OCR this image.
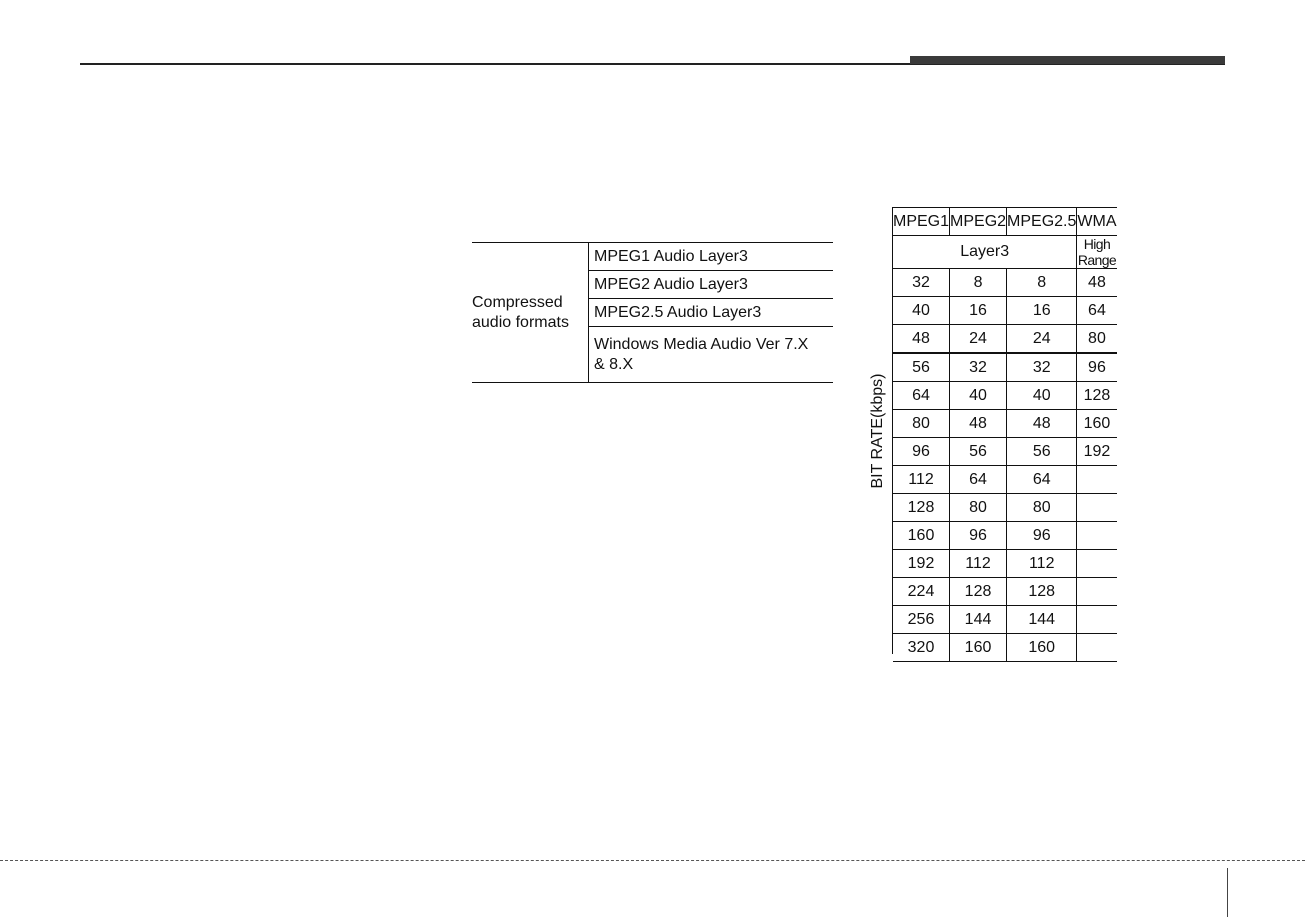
Compressed
audio formats	MPEG1 Audio Layer3
MPEG2 Audio Layer3
MPEG2.5 Audio Layer3
Windows Media Audio Ver 7.X
& 8.X
BIT RATE(kbps)
MPEG1	MPEG2	MPEG2.5	WMA
Layer3			High Range
32	8	8	48
40	16	16	64
48	24	24	80
56	32	32	96
64	40	40	128
80	48	48	160
96	56	56	192
112	64	64	
128	80	80	
160	96	96	
192	112	112	
224	128	128	
256	144	144	
320	160	160	
